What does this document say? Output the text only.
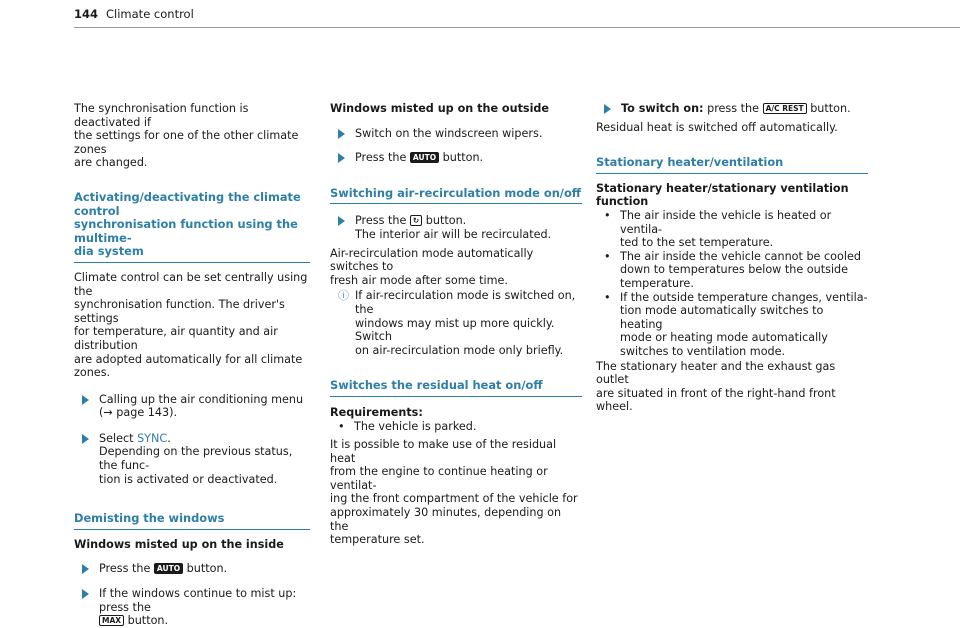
144 Climate control

The synchronisation function is deactivated if
the settings for one of the other climate zones
are changed.

Activating/deactivating the climate control
synchronisation function using the multime-
dia system

Climate control can be set centrally using the
synchronisation function. The driver's settings
for temperature, air quantity and air distribution
are adopted automatically for all climate zones.

Calling up the air conditioning menu
(→ page 143).
Select SYNC.
Depending on the previous status, the func-
tion is activated or deactivated.
Demisting the windows

Windows misted up on the inside

Press the AUTO button.
If the windows continue to mist up: press the
MAX button.

Windows misted up on the outside

Switch on the windscreen wipers.
Press the AUTO button.
Switching air-recirculation mode on/off
Press the ↻ button.
The interior air will be recirculated.

Air-recirculation mode automatically switches to
fresh air mode after some time.

ⓘ If air-recirculation mode is switched on, the
windows may mist up more quickly. Switch
on air-recirculation mode only briefly.
Switches the residual heat on/off

Requirements:

• The vehicle is parked.

It is possible to make use of the residual heat
from the engine to continue heating or ventilat-
ing the front compartment of the vehicle for
approximately 30 minutes, depending on the
temperature set.

To switch on: press the A/C REST button.

Residual heat is switched off automatically.

Stationary heater/ventilation

Stationary heater/stationary ventilation
function

• The air inside the vehicle is heated or ventila-
ted to the set temperature.
• The air inside the vehicle cannot be cooled
down to temperatures below the outside
temperature.
• If the outside temperature changes, ventila-
tion mode automatically switches to heating
mode or heating mode automatically
switches to ventilation mode.

The stationary heater and the exhaust gas outlet
are situated in front of the right-hand front
wheel.
